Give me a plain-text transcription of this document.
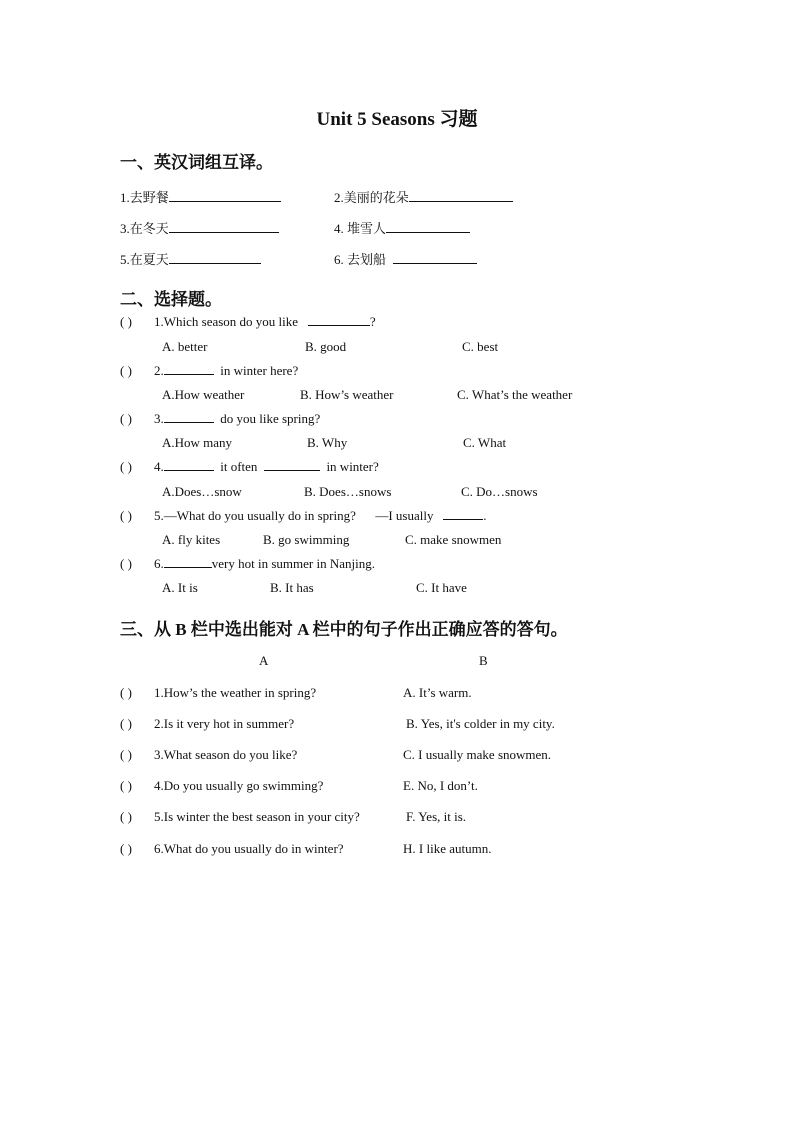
Unit 5 Seasons 习题
一、英汉词组互译。
1.去野餐	2.美丽的花朵
3.在冬天	4. 堆雪人
5.在夏天	6. 去划船
二、选择题。
( ) 1.Which season do you like	?
A. better	B. good	C. best
( ) 2.	in winter here?
A.How weather	B. How’s weather	C. What’s the weather
( ) 3.	do you like spring?
A.How many	B. Why	C. What
( ) 4.	it often	in winter?
A.Does…snow	B. Does…snows	C. Do…snows
( ) 5.—What do you usually do in spring? —I usually	.
A. fly kites	B. go swimming	C. make snowmen
( ) 6.	very hot in summer in Nanjing.
A. It is	B. It has	C. It have
三、从 B 栏中选出能对 A 栏中的句子作出正确应答的答句。
A	B
( ) 1.How’s the weather in spring?	A. It’s warm.
( ) 2.Is it very hot in summer?	B. Yes, it's colder in my city.
( ) 3.What season do you like?	C. I usually make snowmen.
( ) 4.Do you usually go swimming?	E. No, I don’t.
( ) 5.Is winter the best season in your city?	F. Yes, it is.
( ) 6.What do you usually do in winter?	H. I like autumn.
